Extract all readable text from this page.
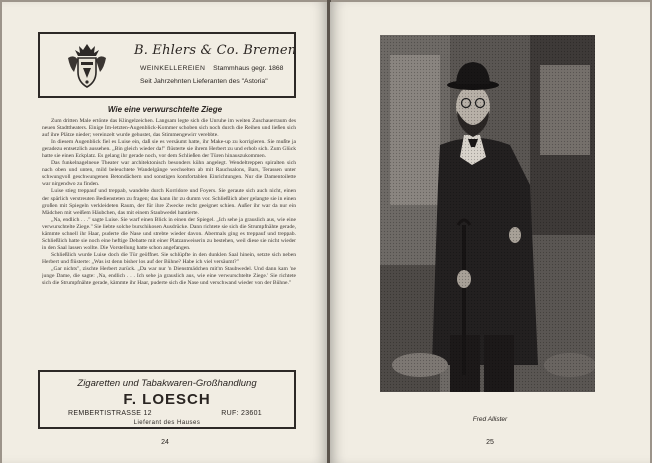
B. Ehlers & Co. Bremen
WEINKELLEREIEN Stammhaus gegr. 1868
Seit Jahrzehnten Lieferanten des "Astoria"
Wie eine verwurschtelte Ziege

Zum dritten Male ertönte das Klingelzeichen. Langsam legte sich die Unruhe im weiten Zuschauerraum des neuen Stadttheaters. Einige Im-letzten-Augenblick-Kommer schoben sich noch durch die Reihen und ließen sich auf ihre Plätze nieder; vereinzelt wurde gehustet, das Stimmengewirr verebbte.

In diesem Augenblick fiel es Luise ein, daß sie es versäumt hatte, ihr Make-up zu korrigieren. Sie mußte ja geradezu entsetzlich aussehen. „Bin gleich wieder da!" flüsterte sie ihrem Herbert zu und erhob sich. Zum Glück hatte sie einen Eckplatz. Es gelang ihr gerade noch, vor dem Schließen der Türen hinauszukommen.

Das funkelnagelneue Theater war architektonisch besonders kühn angelegt. Wendeltreppen spiralten sich nach oben und unten, mild beleuchtete Wandelgänge wechselten ab mit Rauchsalons, Bars, Terassen unter schwungvoll geschwungenen Betondächern und sonstigen komfortablen Einrichtungen. Nur die Damentoilette war nirgendwo zu finden.

Luise stieg treppauf und treppab, wandelte durch Korridore und Foyers. Sie geraute sich auch nicht, einen der spärlich verstreuten Bediensteten zu fragen; das kann ihr zu dumm vor. Schließlich aber gelangte sie in einen großen mit Spiegeln verkleideten Raum, der für ihre Zwecke recht geeignet schien. Außer ihr war da nur ein Mädchen mit weißem Häubchen, das mit einem Staubwedel hantierte.

„Na, endlich . . ." sagte Luise. Sie warf einen Blick in einen der Spiegel. „Ich sehe ja grauslich aus, wie eine verwurschtelte Ziege." Sie liebte solche burschikosen Ausdrücke. Dann richtete sie sich die Strumpfnähte gerade, kämmte schnell ihr Haar, puderte die Nase und strebte wieder davon. Abermals ging es treppauf und treppab. Schließlich hatte sie noch eine heftige Debatte mit einer Platzanweiserin zu bestehen, weil diese sie nicht wieder in den Saal lassen wollte. Die Vorstellung hatte schon angefangen.

Schließlich wurde Luise doch die Tür geöffnet. Sie schlüpfte in den dunklen Saal hinein, setzte sich neben Herbert und flüsterte: „Was ist denn bisher los auf der Bühne? Habe ich viel versäumt?"

„Gar nichts", zischte Herbert zurück. „Da war nur 'n Dienstmädchen mit'm Staubwedel. Und dann kam 'ne junge Dame, die sagte: ‚Na, endlich . . . Ich sehe ja grauslich aus, wie eine verwurschtelte Ziege.' Sie richtete sich die Strumpfnähte gerade, kämmte ihr Haar, puderte sich die Nase und verschwand wieder von der Bühne."

Zigaretten und Tabakwaren-Großhandlung
F. LOESCH
REMBERTISTRASSE 12	RUF: 23601
Lieferant des Hauses
24
Fred Allister
25
